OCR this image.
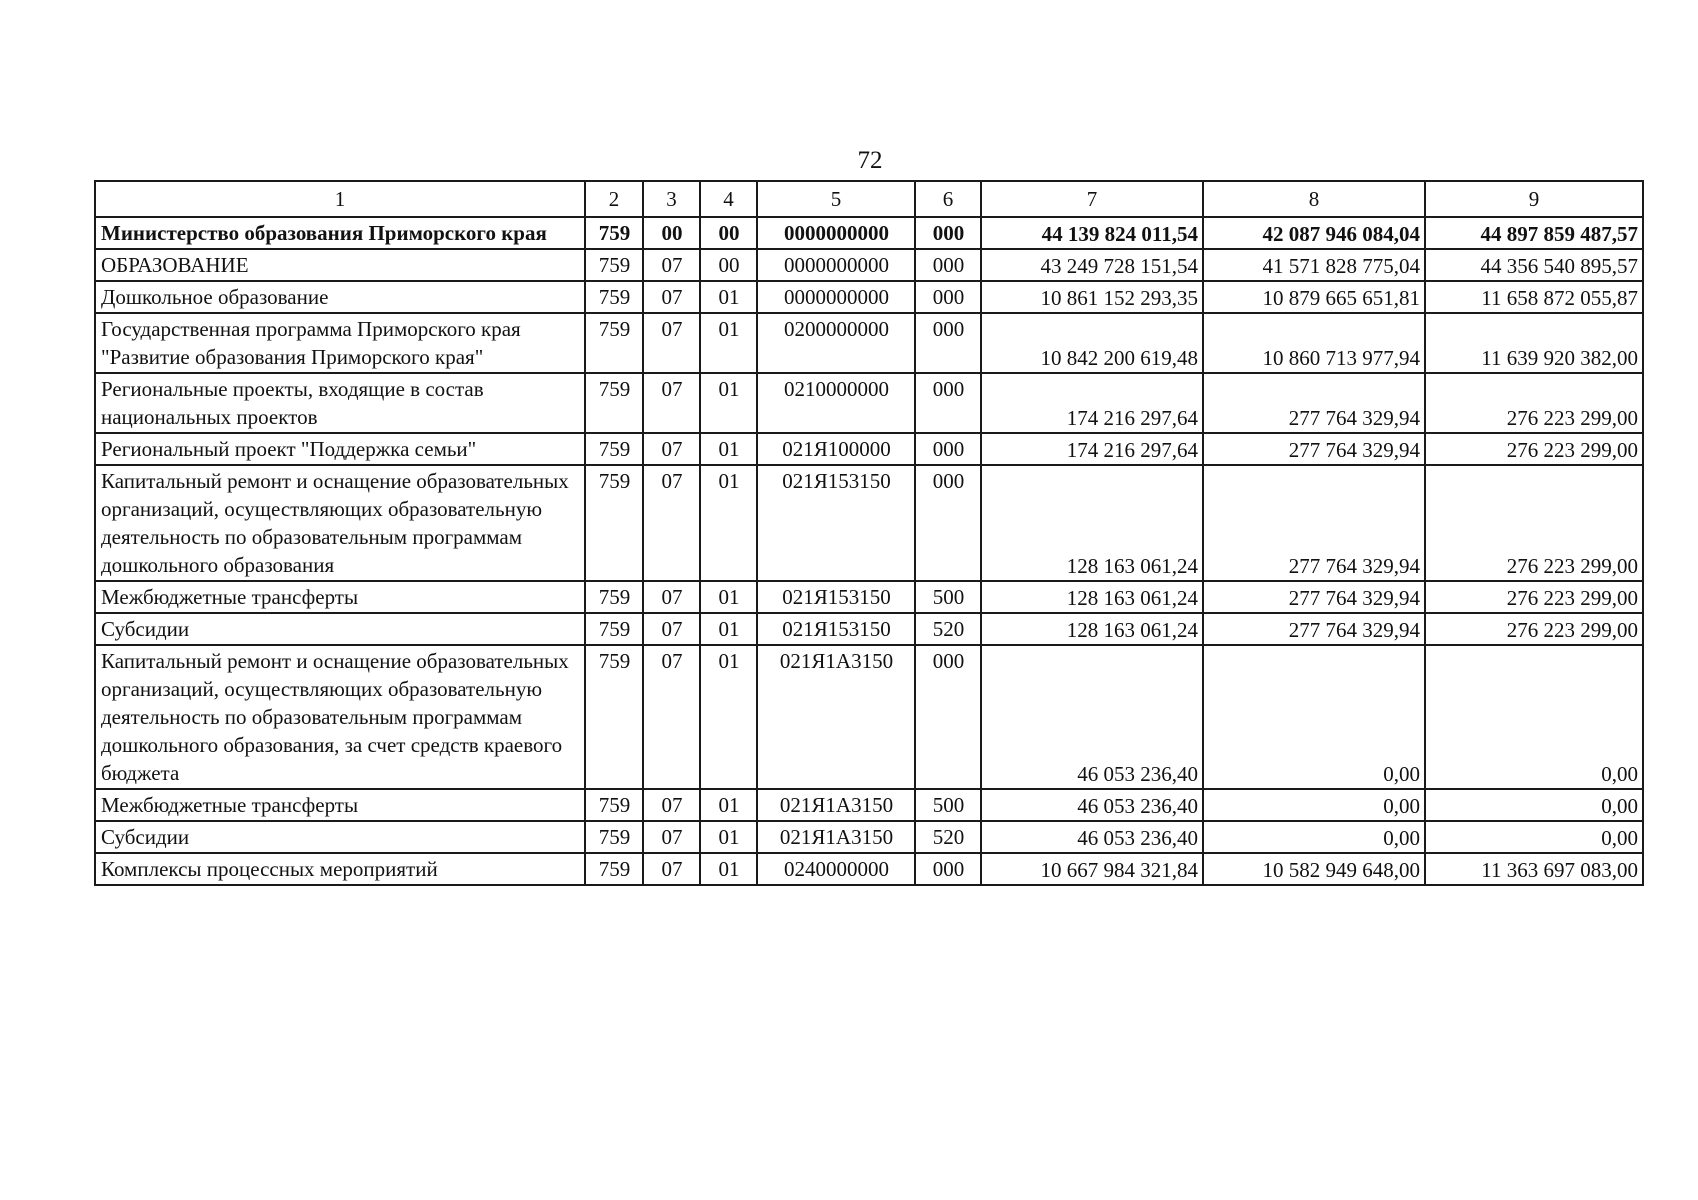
72
1	2	3	4	5	6	7	8	9
Министерство образования Приморского края	759	00	00	0000000000	000	44 139 824 011,54	42 087 946 084,04	44 897 859 487,57
ОБРАЗОВАНИЕ	759	07	00	0000000000	000	43 249 728 151,54	41 571 828 775,04	44 356 540 895,57
Дошкольное образование	759	07	01	0000000000	000	10 861 152 293,35	10 879 665 651,81	11 658 872 055,87
Государственная программа Приморского края "Развитие образования Приморского края"	759	07	01	0200000000	000	10 842 200 619,48	10 860 713 977,94	11 639 920 382,00
Региональные проекты, входящие в состав национальных проектов	759	07	01	0210000000	000	174 216 297,64	277 764 329,94	276 223 299,00
Региональный проект "Поддержка семьи"	759	07	01	021Я100000	000	174 216 297,64	277 764 329,94	276 223 299,00
Капитальный ремонт и оснащение образовательных организаций, осуществляющих образовательную деятельность по образовательным программам дошкольного образования	759	07	01	021Я153150	000	128 163 061,24	277 764 329,94	276 223 299,00
Межбюджетные трансферты	759	07	01	021Я153150	500	128 163 061,24	277 764 329,94	276 223 299,00
Субсидии	759	07	01	021Я153150	520	128 163 061,24	277 764 329,94	276 223 299,00
Капитальный ремонт и оснащение образовательных организаций, осуществляющих образовательную деятельность по образовательным программам дошкольного образования, за счет средств краевого бюджета	759	07	01	021Я1А3150	000	46 053 236,40	0,00	0,00
Межбюджетные трансферты	759	07	01	021Я1А3150	500	46 053 236,40	0,00	0,00
Субсидии	759	07	01	021Я1А3150	520	46 053 236,40	0,00	0,00
Комплексы процессных мероприятий	759	07	01	0240000000	000	10 667 984 321,84	10 582 949 648,00	11 363 697 083,00
